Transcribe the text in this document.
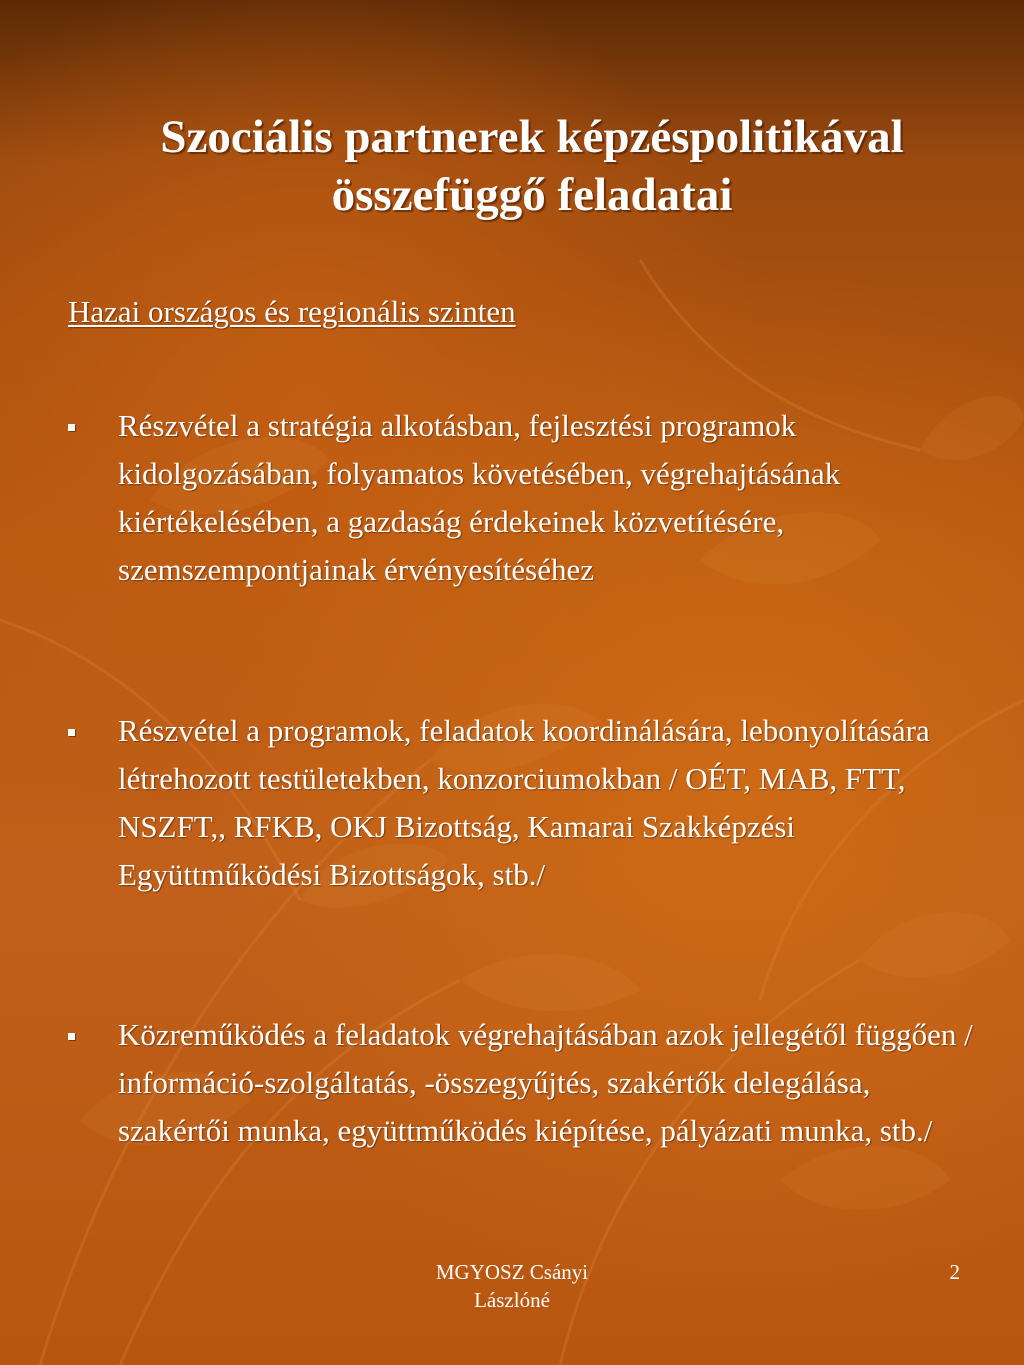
Szociális partnerek képzéspolitikával összefüggő feladatai
Hazai országos és regionális szinten
Részvétel a stratégia alkotásban, fejlesztési programok kidolgozásában, folyamatos követésében, végrehajtásának kiértékelésében, a gazdaság érdekeinek közvetítésére, szemszempontjainak érvényesítéséhez
Részvétel a programok, feladatok koordinálására, lebonyolítására létrehozott testületekben, konzorciumokban / OÉT, MAB, FTT, NSZFT,, RFKB, OKJ Bizottság, Kamarai Szakképzési Együttműködési Bizottságok, stb./
Közreműködés a feladatok végrehajtásában azok jellegétől függően / információ-szolgáltatás, -összegyűjtés, szakértők delegálása, szakértői munka, együttműködés kiépítése, pályázati munka, stb./
MGYOSZ Csányi
Lászlóné
2
